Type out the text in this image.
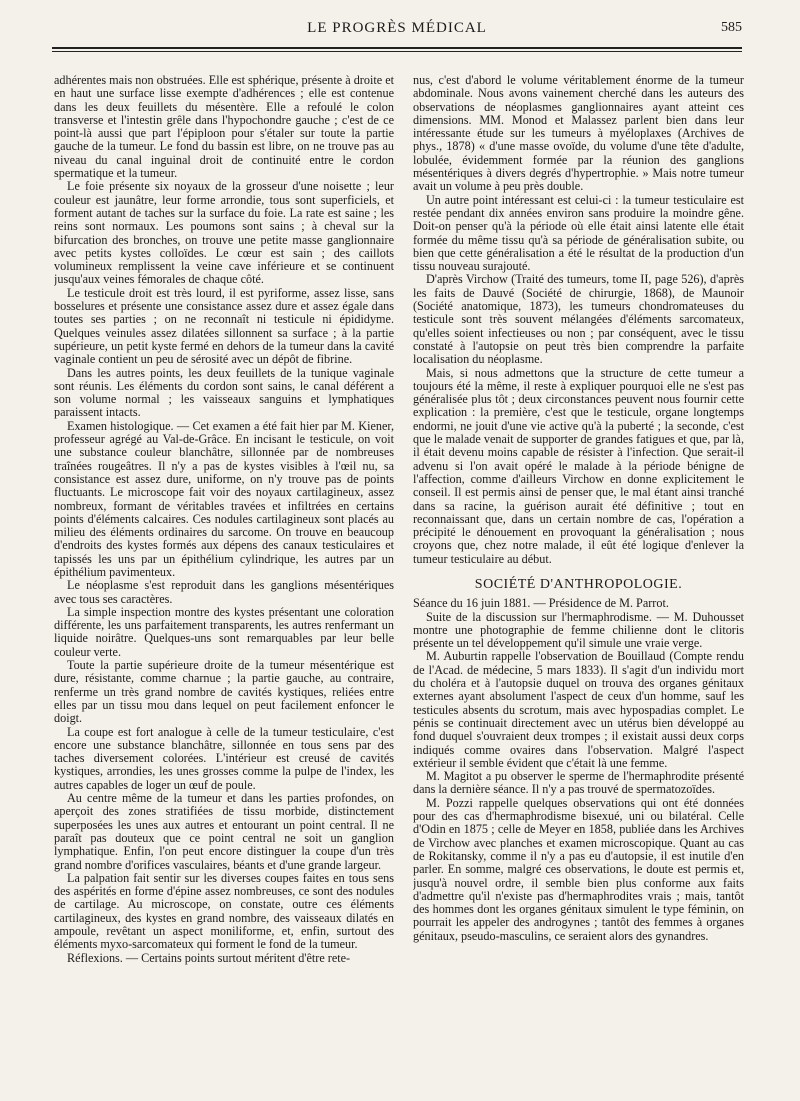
LE PROGRÈS MÉDICAL	585

adhérentes mais non obstruées. Elle est sphérique, présente à droite et en haut une surface lisse exempte d'adhérences ; elle est contenue dans les deux feuillets du mésentère. Elle a refoulé le colon transverse et l'intestin grêle dans l'hypochondre gauche ; c'est de ce point-là aussi que part l'épiploon pour s'étaler sur toute la partie gauche de la tumeur. Le fond du bassin est libre, on ne trouve pas au niveau du canal inguinal droit de continuité entre le cordon spermatique et la tumeur.

Le foie présente six noyaux de la grosseur d'une noisette ; leur couleur est jaunâtre, leur forme arrondie, tous sont superficiels, et forment autant de taches sur la surface du foie. La rate est saine ; les reins sont normaux. Les poumons sont sains ; à cheval sur la bifurcation des bronches, on trouve une petite masse ganglionnaire avec petits kystes colloïdes. Le cœur est sain ; des caillots volumineux remplissent la veine cave inférieure et se continuent jusqu'aux veines fémorales de chaque côté.

Le testicule droit est très lourd, il est pyriforme, assez lisse, sans bosselures et présente une consistance assez dure et assez égale dans toutes ses parties ; on ne reconnaît ni testicule ni épididyme. Quelques veinules assez dilatées sillonnent sa surface ; à la partie supérieure, un petit kyste fermé en dehors de la tumeur dans la cavité vaginale contient un peu de sérosité avec un dépôt de fibrine.

Dans les autres points, les deux feuillets de la tunique vaginale sont réunis. Les éléments du cordon sont sains, le canal déférent a son volume normal ; les vaisseaux sanguins et lymphatiques paraissent intacts.

Examen histologique. — Cet examen a été fait hier par M. Kiener, professeur agrégé au Val-de-Grâce. En incisant le testicule, on voit une substance couleur blanchâtre, sillonnée par de nombreuses traînées rougeâtres. Il n'y a pas de kystes visibles à l'œil nu, sa consistance est assez dure, uniforme, on n'y trouve pas de points fluctuants. Le microscope fait voir des noyaux cartilagineux, assez nombreux, formant de véritables travées et infiltrées en certains points d'éléments calcaires. Ces nodules cartilagineux sont placés au milieu des éléments ordinaires du sarcome. On trouve en beaucoup d'endroits des kystes formés aux dépens des canaux testiculaires et tapissés les uns par un épithélium cylindrique, les autres par un épithélium pavimenteux.

Le néoplasme s'est reproduit dans les ganglions mésentériques avec tous ses caractères.

La simple inspection montre des kystes présentant une coloration différente, les uns parfaitement transparents, les autres renfermant un liquide noirâtre. Quelques-uns sont remarquables par leur belle couleur verte.

Toute la partie supérieure droite de la tumeur mésentérique est dure, résistante, comme charnue ; la partie gauche, au contraire, renferme un très grand nombre de cavités kystiques, reliées entre elles par un tissu mou dans lequel on peut facilement enfoncer le doigt.

La coupe est fort analogue à celle de la tumeur testiculaire, c'est encore une substance blanchâtre, sillonnée en tous sens par des taches diversement colorées. L'intérieur est creusé de cavités kystiques, arrondies, les unes grosses comme la pulpe de l'index, les autres capables de loger un œuf de poule.

Au centre même de la tumeur et dans les parties profondes, on aperçoit des zones stratifiées de tissu morbide, distinctement superposées les unes aux autres et entourant un point central. Il ne paraît pas douteux que ce point central ne soit un ganglion lymphatique. Enfin, l'on peut encore distinguer la coupe d'un très grand nombre d'orifices vasculaires, béants et d'une grande largeur.

La palpation fait sentir sur les diverses coupes faites en tous sens des aspérités en forme d'épine assez nombreuses, ce sont des nodules de cartilage. Au microscope, on constate, outre ces éléments cartilagineux, des kystes en grand nombre, des vaisseaux dilatés en ampoule, revêtant un aspect moniliforme, et, enfin, surtout des éléments myxo-sarcomateux qui forment le fond de la tumeur.

Réflexions. — Certains points surtout méritent d'être rete-

nus, c'est d'abord le volume véritablement énorme de la tumeur abdominale. Nous avons vainement cherché dans les auteurs des observations de néoplasmes ganglionnaires ayant atteint ces dimensions. MM. Monod et Malassez parlent bien dans leur intéressante étude sur les tumeurs à myéloplaxes (Archives de phys., 1878) « d'une masse ovoïde, du volume d'une tête d'adulte, lobulée, évidemment formée par la réunion des ganglions mésentériques à divers degrés d'hypertrophie. » Mais notre tumeur avait un volume à peu près double.

Un autre point intéressant est celui-ci : la tumeur testiculaire est restée pendant dix années environ sans produire la moindre gêne. Doit-on penser qu'à la période où elle était ainsi latente elle était formée du même tissu qu'à sa période de généralisation subite, ou bien que cette généralisation a été le résultat de la production d'un tissu nouveau surajouté.

D'après Virchow (Traité des tumeurs, tome II, page 526), d'après les faits de Dauvé (Société de chirurgie, 1868), de Maunoir (Société anatomique, 1873), les tumeurs chondromateuses du testicule sont très souvent mélangées d'éléments sarcomateux, qu'elles soient infectieuses ou non ; par conséquent, avec le tissu constaté à l'autopsie on peut très bien comprendre la parfaite localisation du néoplasme.

Mais, si nous admettons que la structure de cette tumeur a toujours été la même, il reste à expliquer pourquoi elle ne s'est pas généralisée plus tôt ; deux circonstances peuvent nous fournir cette explication : la première, c'est que le testicule, organe longtemps endormi, ne jouit d'une vie active qu'à la puberté ; la seconde, c'est que le malade venait de supporter de grandes fatigues et que, par là, il était devenu moins capable de résister à l'infection. Que serait-il advenu si l'on avait opéré le malade à la période bénigne de l'affection, comme d'ailleurs Virchow en donne explicitement le conseil. Il est permis ainsi de penser que, le mal étant ainsi tranché dans sa racine, la guérison aurait été définitive ; tout en reconnaissant que, dans un certain nombre de cas, l'opération a précipité le dénouement en provoquant la généralisation ; nous croyons que, chez notre malade, il eût été logique d'enlever la tumeur testiculaire au début.

SOCIÉTÉ D'ANTHROPOLOGIE.

Séance du 16 juin 1881. — Présidence de M. Parrot.

Suite de la discussion sur l'hermaphrodisme. — M. Duhousset montre une photographie de femme chilienne dont le clitoris présente un tel développement qu'il simule une vraie verge.

M. Auburtin rappelle l'observation de Bouillaud (Compte rendu de l'Acad. de médecine, 5 mars 1833). Il s'agit d'un individu mort du choléra et à l'autopsie duquel on trouva des organes génitaux externes ayant absolument l'aspect de ceux d'un homme, sauf les testicules absents du scrotum, mais avec hypospadias complet. Le pénis se continuait directement avec un utérus bien développé au fond duquel s'ouvraient deux trompes ; il existait aussi deux corps indiqués comme ovaires dans l'observation. Malgré l'aspect extérieur il semble évident que c'était là une femme.

M. Magitot a pu observer le sperme de l'hermaphrodite présenté dans la dernière séance. Il n'y a pas trouvé de spermatozoïdes.

M. Pozzi rappelle quelques observations qui ont été données pour des cas d'hermaphrodisme bisexué, uni ou bilatéral. Celle d'Odin en 1875 ; celle de Meyer en 1858, publiée dans les Archives de Virchow avec planches et examen microscopique. Quant au cas de Rokitansky, comme il n'y a pas eu d'autopsie, il est inutile d'en parler. En somme, malgré ces observations, le doute est permis et, jusqu'à nouvel ordre, il semble bien plus conforme aux faits d'admettre qu'il n'existe pas d'hermaphrodites vrais ; mais, tantôt des hommes dont les organes génitaux simulent le type féminin, on pourrait les appeler des androgynes ; tantôt des femmes à organes génitaux, pseudo-masculins, ce seraient alors des gynandres.
